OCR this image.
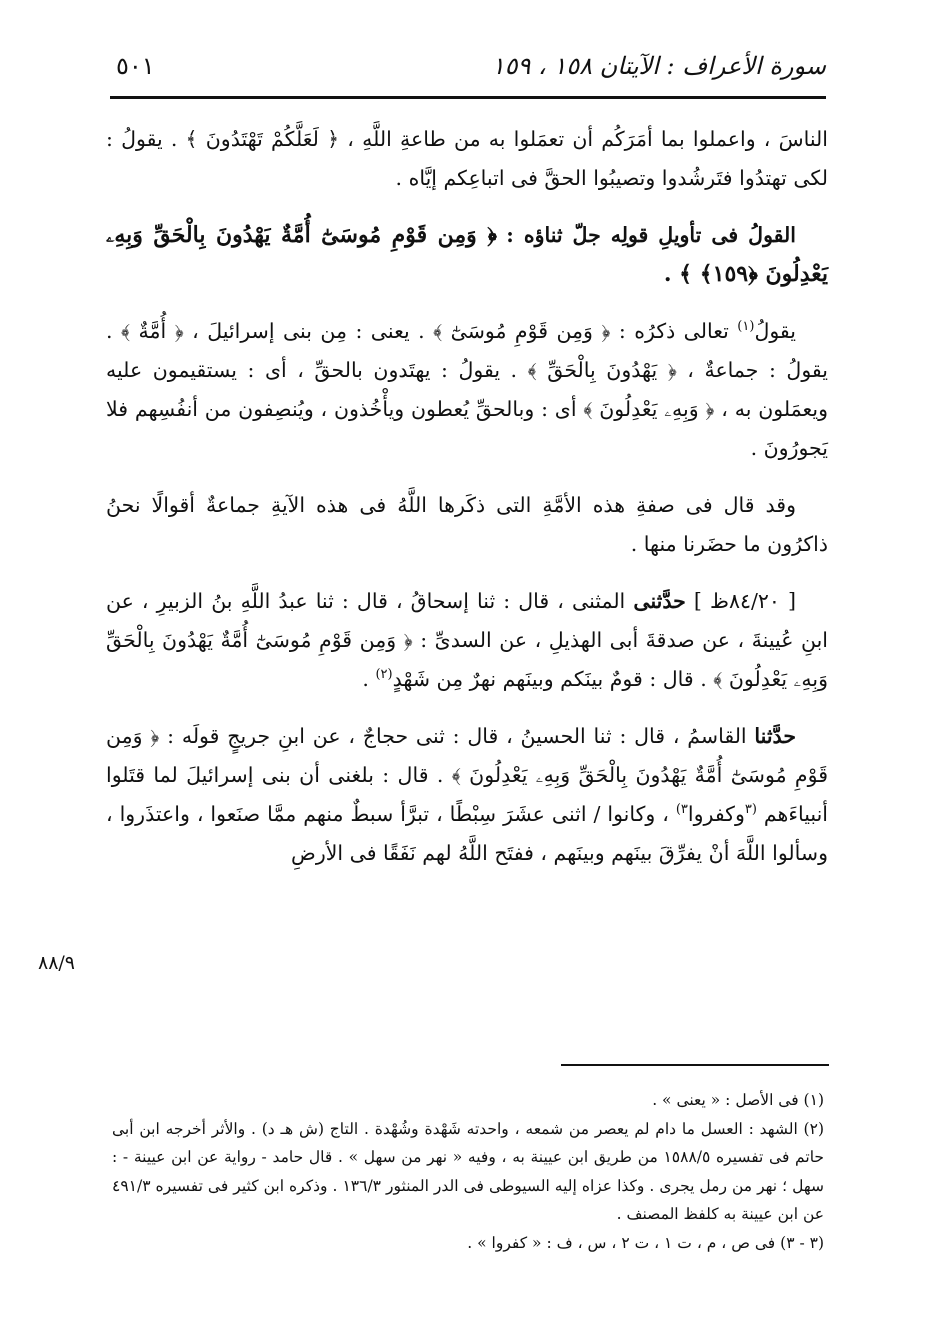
سورة الأعراف : الآيتان ١٥٨ ، ١٥٩
٥٠١

الناسَ ، واعملوا بما أمَرَكُم أن تعمَلوا به من طاعةِ اللَّهِ ، ﴿ لَعَلَّكُمْ تَهْتَدُونَ ﴾ . يقولُ : لكى تهتدُوا فتَرشُدوا وتصيبُوا الحقَّ فى اتباعِكم إيَّاه .

القولُ فى تأويلِ قولِه جلّ ثناؤه : ﴿ وَمِن قَوْمِ مُوسَىٰٓ أُمَّةٌ يَهْدُونَ بِالْحَقِّ وَبِهِۦ يَعْدِلُونَ ﴿١٥٩﴾ ﴾ .

يقولُ$^{(١)}$ تعالى ذكرُه : ﴿ وَمِن قَوْمِ مُوسَىٰٓ ﴾ . يعنى : مِن بنى إسرائيلَ ، ﴿ أُمَّةٌ ﴾ . يقولُ : جماعةٌ ، ﴿ يَهْدُونَ بِالْحَقِّ ﴾ . يقولُ : يهتَدون بالحقِّ ، أى : يستقيمون عليه ويعمَلون به ، ﴿ وَبِهِۦ يَعْدِلُونَ ﴾ أى : وبالحقِّ يُعطون ويأْخُذون ، ويُنصِفون من أنفُسِهم فلا يَجورُونَ .

وقد قال فى صفةِ هذه الأمَّةِ التى ذكَرها اللَّهُ فى هذه الآيةِ جماعةٌ أقوالًا نحنُ ذاكرُون ما حضَرنا منها .

[ ٨٤/٢٠ظ ] حدَّثنى المثنى ، قال : ثنا إسحاقُ ، قال : ثنا عبدُ اللَّهِ بنُ الزبيرِ ، عن ابنِ عُيينةَ ، عن صدقةَ أبى الهذيلِ ، عن السدىِّ : ﴿ وَمِن قَوْمِ مُوسَىٰٓ أُمَّةٌ يَهْدُونَ بِالْحَقِّ وَبِهِۦ يَعْدِلُونَ ﴾ . قال : قومٌ بينَكم وبينَهم نهرٌ مِن شَهْدٍ$^{(٢)}$ .

حدَّثنا القاسمُ ، قال : ثنا الحسينُ ، قال : ثنى حجاجٌ ، عن ابنِ جريجٍ قولَه : ﴿ وَمِن قَوْمِ مُوسَىٰٓ أُمَّةٌ يَهْدُونَ بِالْحَقِّ وَبِهِۦ يَعْدِلُونَ ﴾ . قال : بلغنى أن بنى إسرائيلَ لما قتَلوا أنبياءَهم $^{(٣}$وكفروا$^{٣)}$ ، وكانوا / اثنى عشَرَ سِبْطًا ، تبرَّأ سبطٌ منهم ممَّا صنَعوا ، واعتذَروا ، وسألوا اللَّهَ أنْ يفرِّقَ بينَهم وبينَهم ، ففتَح اللَّهُ لهم نَفَقًا فى الأرضِ

٨٨/٩

(١) فى الأصل : « يعنى » .

(٢) الشهد : العسل ما دام لم يعصر من شمعه ، واحدته شَهْدة وشُهْدة . التاج (ش هـ د) . والأثر أخرجه ابن أبى حاتم فى تفسيره ١٥٨٨/٥ من طريق ابن عيينة به ، وفيه « نهر من سهل » . قال حامد - رواية عن ابن عيينة - : سهل ؛ نهر من رمل يجرى . وكذا عزاه إليه السيوطى فى الدر المنثور ١٣٦/٣ . وذكره ابن كثير فى تفسيره ٤٩١/٣ عن ابن عيينة به كلفظ المصنف .

(٣ - ٣) فى ص ، م ، ت ١ ، ت ٢ ، س ، ف : « كفروا » .
